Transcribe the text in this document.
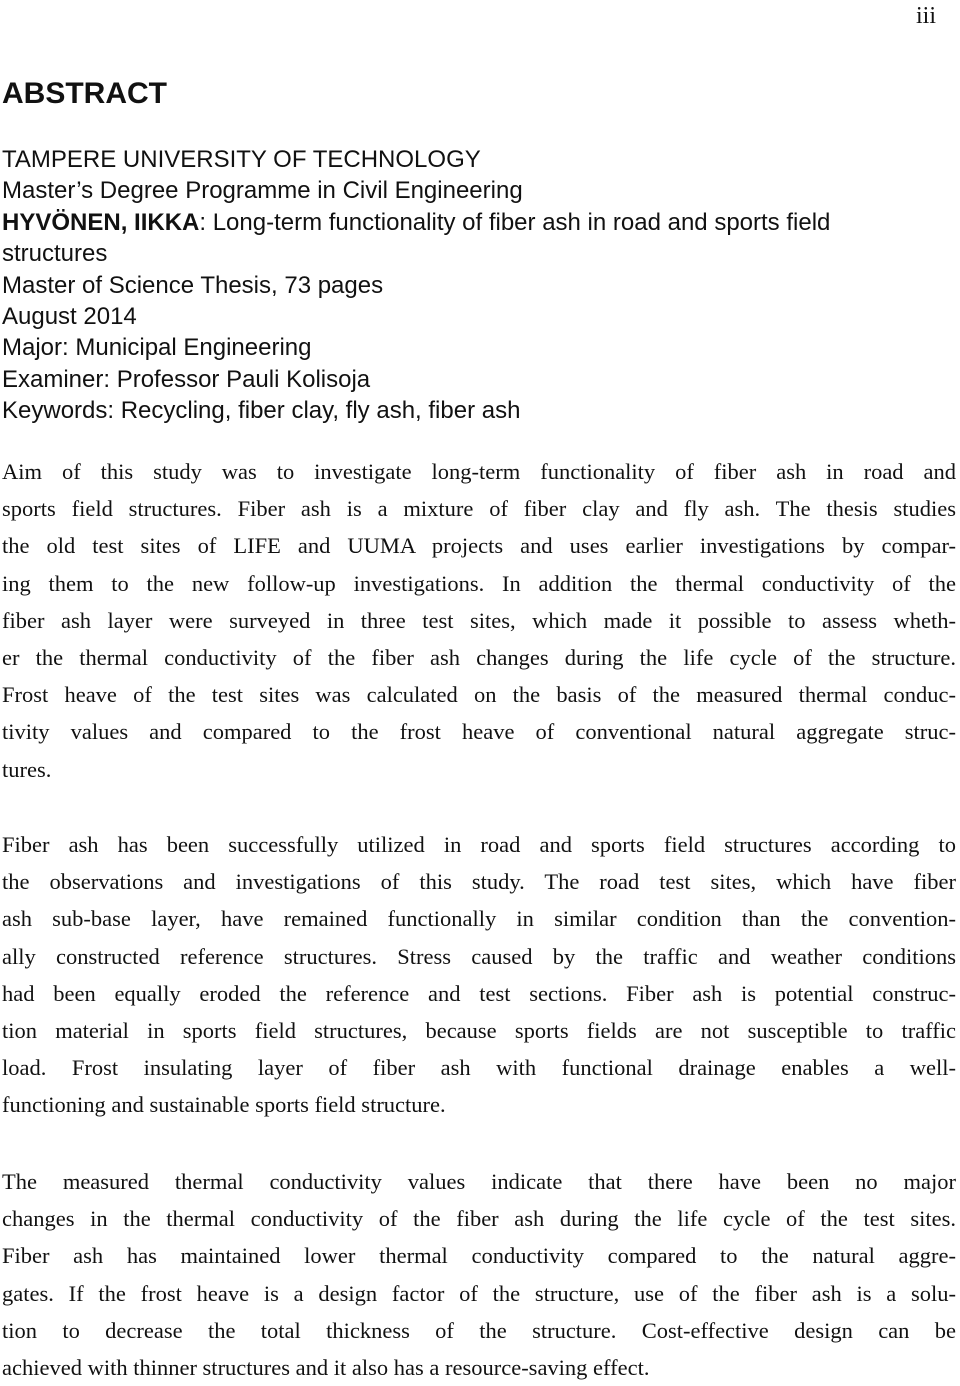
iii
ABSTRACT
TAMPERE UNIVERSITY OF TECHNOLOGY
Master’s Degree Programme in Civil Engineering
HYVÖNEN, IIKKA: Long-term functionality of fiber ash in road and sports field
structures
Master of Science Thesis, 73 pages
August 2014
Major: Municipal Engineering
Examiner: Professor Pauli Kolisoja
Keywords: Recycling, fiber clay, fly ash, fiber ash

Aim of this study was to investigate long-term functionality of fiber ash in road and
sports field structures. Fiber ash is a mixture of fiber clay and fly ash. The thesis studies
the old test sites of LIFE and UUMA projects and uses earlier investigations by compar-
ing them to the new follow-up investigations. In addition the thermal conductivity of the
fiber ash layer were surveyed in three test sites, which made it possible to assess wheth-
er the thermal conductivity of the fiber ash changes during the life cycle of the structure.
Frost heave of the test sites was calculated on the basis of the measured thermal conduc-
tivity values and compared to the frost heave of conventional natural aggregate struc-
tures.

Fiber ash has been successfully utilized in road and sports field structures according to
the observations and investigations of this study. The road test sites, which have fiber
ash sub-base layer, have remained functionally in similar condition than the convention-
ally constructed reference structures. Stress caused by the traffic and weather conditions
had been equally eroded the reference and test sections. Fiber ash is potential construc-
tion material in sports field structures, because sports fields are not susceptible to traffic
load. Frost insulating layer of fiber ash with functional drainage enables a well-
functioning and sustainable sports field structure.

The measured thermal conductivity values indicate that there have been no major
changes in the thermal conductivity of the fiber ash during the life cycle of the test sites.
Fiber ash has maintained lower thermal conductivity compared to the natural aggre-
gates. If the frost heave is a design factor of the structure, use of the fiber ash is a solu-
tion to decrease the total thickness of the structure. Cost-effective design can be
achieved with thinner structures and it also has a resource-saving effect.
